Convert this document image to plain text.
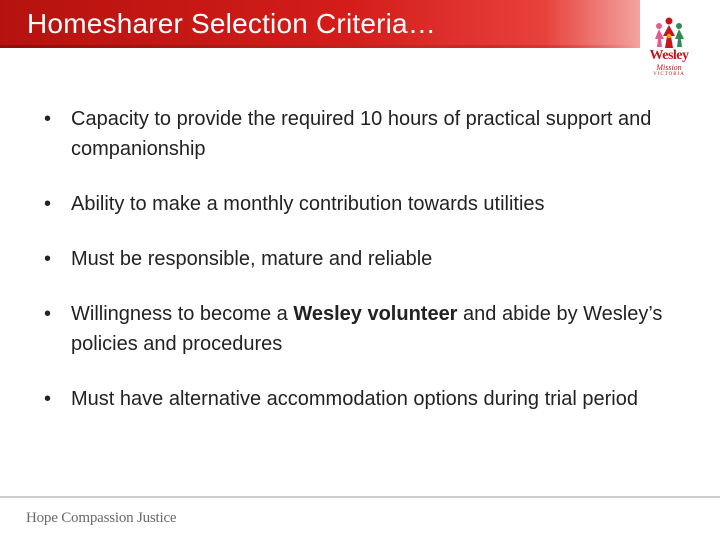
Homesharer Selection Criteria…
Wesley
Mission
VICTORIA
• Capacity to provide the required 10 hours of practical support and companionship
• Ability to make a monthly contribution towards utilities
• Must be responsible, mature and reliable
• Willingness to become a Wesley volunteer and abide by Wesley’s policies and procedures
• Must have alternative accommodation options during trial period

Hope Compassion Justice
